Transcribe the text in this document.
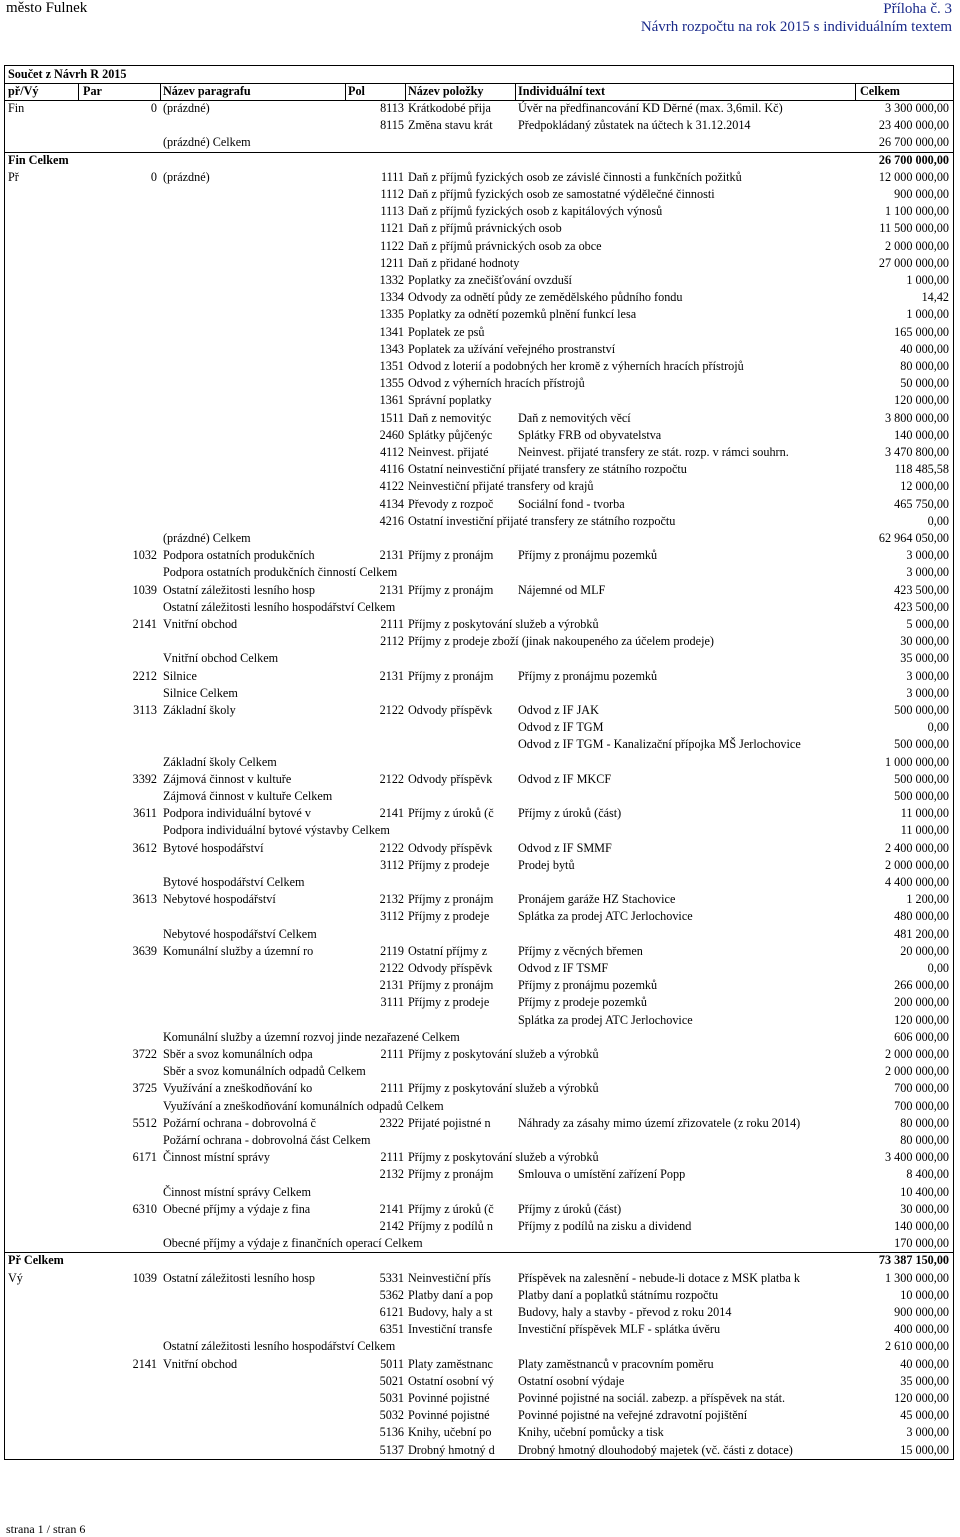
město Fulnek	Příloha č. 3
Návrh rozpočtu na rok 2015 s individuálním textem
Součet z Návrh R 2015
př/Vý	Par	Název paragrafu	Pol	Název položky	Individuální text	Celkem
Fin	0 (prázdné)	8113 Krátkodobé přija	Úvěr na předfinancování KD Děrné (max. 3,6mil. Kč)	3 300 000,00
8115 Změna stavu krát	Předpokládaný zůstatek na účtech k 31.12.2014	23 400 000,00
(prázdné) Celkem	26 700 000,00
Fin Celkem	26 700 000,00
Př	0 (prázdné)	1111 Daň z příjmů fyzických osob ze závislé činnosti a funkčních požitků	12 000 000,00
1112 Daň z příjmů fyzických osob ze samostatné výdělečné činnosti	900 000,00
1113 Daň z příjmů fyzických osob z kapitálových výnosů	1 100 000,00
1121 Daň z příjmů právnických osob	11 500 000,00
1122 Daň z příjmů právnických osob za obce	2 000 000,00
1211 Daň z přidané hodnoty	27 000 000,00
1332 Poplatky za znečišťování ovzduší	1 000,00
1334 Odvody za odnětí půdy ze zemědělského půdního fondu	14,42
1335 Poplatky za odnětí pozemků plnění funkcí lesa	1 000,00
1341 Poplatek ze psů	165 000,00
1343 Poplatek za užívání veřejného prostranství	40 000,00
1351 Odvod z loterií a podobných her kromě z výherních hracích přístrojů	80 000,00
1355 Odvod z výherních hracích přístrojů	50 000,00
1361 Správní poplatky	120 000,00
1511 Daň z nemovitýc	Daň z nemovitých věcí	3 800 000,00
2460 Splátky půjčenýc	Splátky FRB od obyvatelstva	140 000,00
4112 Neinvest. přijaté	Neinvest. přijaté transfery ze stát. rozp. v rámci souhrn.	3 470 800,00
4116 Ostatní neinvestiční přijaté transfery ze státního rozpočtu	118 485,58
4122 Neinvestiční přijaté transfery od krajů	12 000,00
4134 Převody z rozpoč	Sociální fond - tvorba	465 750,00
4216 Ostatní investiční přijaté transfery ze státního rozpočtu	0,00
(prázdné) Celkem	62 964 050,00
1032 Podpora ostatních produkčních	2131 Příjmy z pronájm	Příjmy z pronájmu pozemků	3 000,00
Podpora ostatních produkčních činností Celkem	3 000,00
1039 Ostatní záležitosti lesního hosp	2131 Příjmy z pronájm	Nájemné od MLF	423 500,00
Ostatní záležitosti lesního hospodářství Celkem	423 500,00
2141 Vnitřní obchod	2111 Příjmy z poskytování služeb a výrobků	5 000,00
2112 Příjmy z prodeje zboží (jinak nakoupeného za účelem prodeje)	30 000,00
Vnitřní obchod Celkem	35 000,00
2212 Silnice	2131 Příjmy z pronájm	Příjmy z pronájmu pozemků	3 000,00
Silnice Celkem	3 000,00
3113 Základní školy	2122 Odvody příspěvk	Odvod z IF JAK	500 000,00
Odvod z IF TGM	0,00
Odvod z IF TGM - Kanalizační přípojka MŠ Jerlochovice	500 000,00
Základní školy Celkem	1 000 000,00
3392 Zájmová činnost v kultuře	2122 Odvody příspěvk	Odvod z IF MKCF	500 000,00
Zájmová činnost v kultuře Celkem	500 000,00
3611 Podpora individuální bytové v	2141 Příjmy z úroků (č	Příjmy z úroků (část)	11 000,00
Podpora individuální bytové výstavby Celkem	11 000,00
3612 Bytové hospodářství	2122 Odvody příspěvk	Odvod z IF SMMF	2 400 000,00
3112 Příjmy z prodeje	Prodej bytů	2 000 000,00
Bytové hospodářství Celkem	4 400 000,00
3613 Nebytové hospodářství	2132 Příjmy z pronájm	Pronájem garáže HZ Stachovice	1 200,00
3112 Příjmy z prodeje	Splátka za prodej ATC Jerlochovice	480 000,00
Nebytové hospodářství Celkem	481 200,00
3639 Komunální služby a územní ro	2119 Ostatní příjmy z	Příjmy z věcných břemen	20 000,00
2122 Odvody příspěvk	Odvod z IF TSMF	0,00
2131 Příjmy z pronájm	Příjmy z pronájmu pozemků	266 000,00
3111 Příjmy z prodeje	Příjmy z prodeje pozemků	200 000,00
Splátka za prodej ATC Jerlochovice	120 000,00
Komunální služby a územní rozvoj jinde nezařazené Celkem	606 000,00
3722 Sběr a svoz komunálních odpa	2111 Příjmy z poskytování služeb a výrobků	2 000 000,00
Sběr a svoz komunálních odpadů Celkem	2 000 000,00
3725 Využívání a zneškodňování ko	2111 Příjmy z poskytování služeb a výrobků	700 000,00
Využívání a zneškodňování komunálních odpadů Celkem	700 000,00
5512 Požární ochrana - dobrovolná č	2322 Přijaté pojistné n	Náhrady za zásahy mimo území zřizovatele (z roku 2014)	80 000,00
Požární ochrana - dobrovolná část Celkem	80 000,00
6171 Činnost místní správy	2111 Příjmy z poskytování služeb a výrobků	3 400 000,00
2132 Příjmy z pronájm	Smlouva o umístění zařízení Popp	8 400,00
Činnost místní správy Celkem	10 400,00
6310 Obecné příjmy a výdaje z fina	2141 Příjmy z úroků (č	Příjmy z úroků (část)	30 000,00
2142 Příjmy z podílů n	Příjmy z podílů na zisku a dividend	140 000,00
Obecné příjmy a výdaje z finančních operací Celkem	170 000,00
Př Celkem	73 387 150,00
Vý	1039 Ostatní záležitosti lesního hosp	5331 Neinvestiční přís	Příspěvek na zalesnění - nebude-li dotace z MSK platba k	1 300 000,00
5362 Platby daní a pop	Platby daní a poplatků státnímu rozpočtu	10 000,00
6121 Budovy, haly a st	Budovy, haly a stavby - převod z roku 2014	900 000,00
6351 Investiční transfe	Investiční příspěvek MLF - splátka úvěru	400 000,00
Ostatní záležitosti lesního hospodářství Celkem	2 610 000,00
2141 Vnitřní obchod	5011 Platy zaměstnanc	Platy zaměstnanců v pracovním poměru	40 000,00
5021 Ostatní osobní vý	Ostatní osobní výdaje	35 000,00
5031 Povinné pojistné	Povinné pojistné na sociál. zabezp. a příspěvek na stát.	120 000,00
5032 Povinné pojistné	Povinné pojistné na veřejné zdravotní pojištění	45 000,00
5136 Knihy, učební po	Knihy, učební pomůcky a tisk	3 000,00
5137 Drobný hmotný d	Drobný hmotný dlouhodobý majetek (vč. části z dotace)	15 000,00
strana 1 / stran 6
